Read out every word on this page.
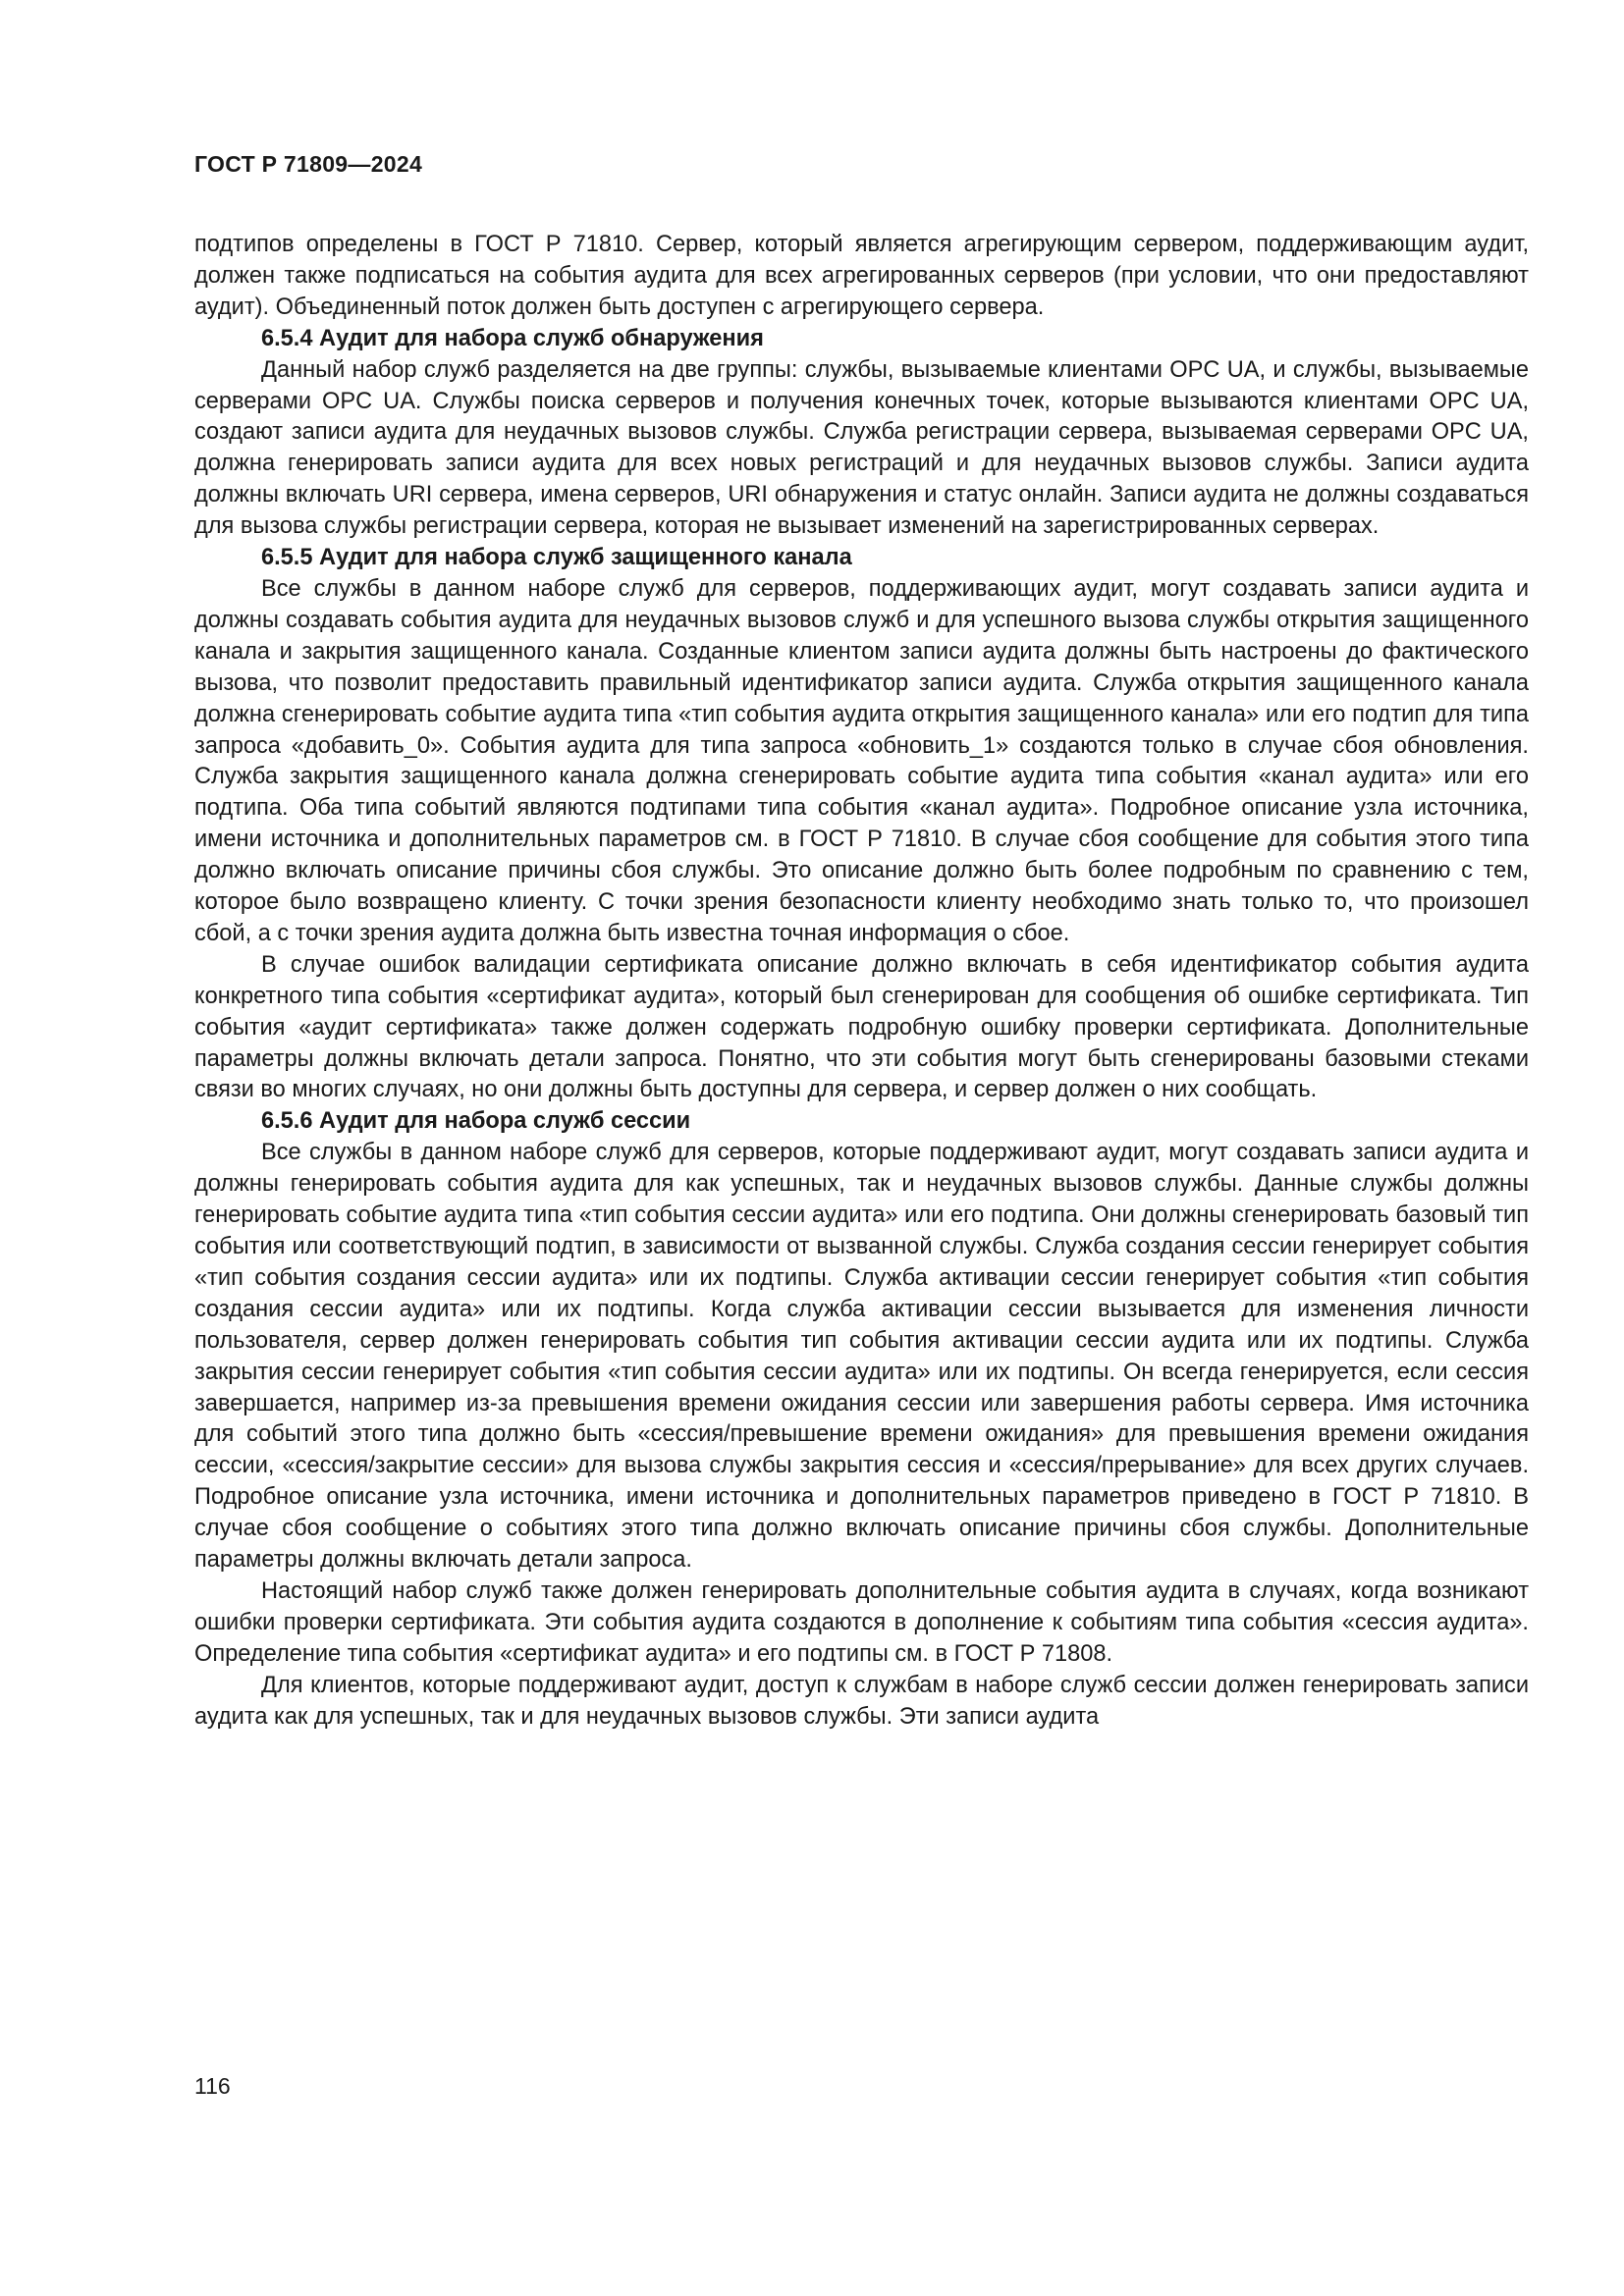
ГОСТ Р 71809—2024

подтипов определены в ГОСТ Р 71810. Сервер, который является агрегирующим сервером, поддерживающим аудит, должен также подписаться на события аудита для всех агрегированных серверов (при условии, что они предоставляют аудит). Объединенный поток должен быть доступен с агрегирующего сервера.

6.5.4 Аудит для набора служб обнаружения

Данный набор служб разделяется на две группы: службы, вызываемые клиентами OPC UA, и службы, вызываемые серверами OPC UA. Службы поиска серверов и получения конечных точек, которые вызываются клиентами OPC UA, создают записи аудита для неудачных вызовов службы. Служба регистрации сервера, вызываемая серверами OPC UA, должна генерировать записи аудита для всех новых регистраций и для неудачных вызовов службы. Записи аудита должны включать URI сервера, имена серверов, URI обнаружения и статус онлайн. Записи аудита не должны создаваться для вызова службы регистрации сервера, которая не вызывает изменений на зарегистрированных серверах.

6.5.5 Аудит для набора служб защищенного канала

Все службы в данном наборе служб для серверов, поддерживающих аудит, могут создавать записи аудита и должны создавать события аудита для неудачных вызовов служб и для успешного вызова службы открытия защищенного канала и закрытия защищенного канала. Созданные клиентом записи аудита должны быть настроены до фактического вызова, что позволит предоставить правильный идентификатор записи аудита. Служба открытия защищенного канала должна сгенерировать событие аудита типа «тип события аудита открытия защищенного канала» или его подтип для типа запроса «добавить_0». События аудита для типа запроса «обновить_1» создаются только в случае сбоя обновления. Служба закрытия защищенного канала должна сгенерировать событие аудита типа события «канал аудита» или его подтипа. Оба типа событий являются подтипами типа события «канал аудита». Подробное описание узла источника, имени источника и дополнительных параметров см. в ГОСТ Р 71810. В случае сбоя сообщение для события этого типа должно включать описание причины сбоя службы. Это описание должно быть более подробным по сравнению с тем, которое было возвращено клиенту. С точки зрения безопасности клиенту необходимо знать только то, что произошел сбой, а с точки зрения аудита должна быть известна точная информация о сбое.

В случае ошибок валидации сертификата описание должно включать в себя идентификатор события аудита конкретного типа события «сертификат аудита», который был сгенерирован для сообщения об ошибке сертификата. Тип события «аудит сертификата» также должен содержать подробную ошибку проверки сертификата. Дополнительные параметры должны включать детали запроса. Понятно, что эти события могут быть сгенерированы базовыми стеками связи во многих случаях, но они должны быть доступны для сервера, и сервер должен о них сообщать.

6.5.6 Аудит для набора служб сессии

Все службы в данном наборе служб для серверов, которые поддерживают аудит, могут создавать записи аудита и должны генерировать события аудита для как успешных, так и неудачных вызовов службы. Данные службы должны генерировать событие аудита типа «тип события сессии аудита» или его подтипа. Они должны сгенерировать базовый тип события или соответствующий подтип, в зависимости от вызванной службы. Служба создания сессии генерирует события «тип события создания сессии аудита» или их подтипы. Служба активации сессии генерирует события «тип события создания сессии аудита» или их подтипы. Когда служба активации сессии вызывается для изменения личности пользователя, сервер должен генерировать события тип события активации сессии аудита или их подтипы. Служба закрытия сессии генерирует события «тип события сессии аудита» или их подтипы. Он всегда генерируется, если сессия завершается, например из-за превышения времени ожидания сессии или завершения работы сервера. Имя источника для событий этого типа должно быть «сессия/превышение времени ожидания» для превышения времени ожидания сессии, «сессия/закрытие сессии» для вызова службы закрытия сессия и «сессия/прерывание» для всех других случаев. Подробное описание узла источника, имени источника и дополнительных параметров приведено в ГОСТ Р 71810. В случае сбоя сообщение о событиях этого типа должно включать описание причины сбоя службы. Дополнительные параметры должны включать детали запроса.

Настоящий набор служб также должен генерировать дополнительные события аудита в случаях, когда возникают ошибки проверки сертификата. Эти события аудита создаются в дополнение к событиям типа события «сессия аудита». Определение типа события «сертификат аудита» и его подтипы см. в ГОСТ Р 71808.

Для клиентов, которые поддерживают аудит, доступ к службам в наборе служб сессии должен генерировать записи аудита как для успешных, так и для неудачных вызовов службы. Эти записи аудита

116
